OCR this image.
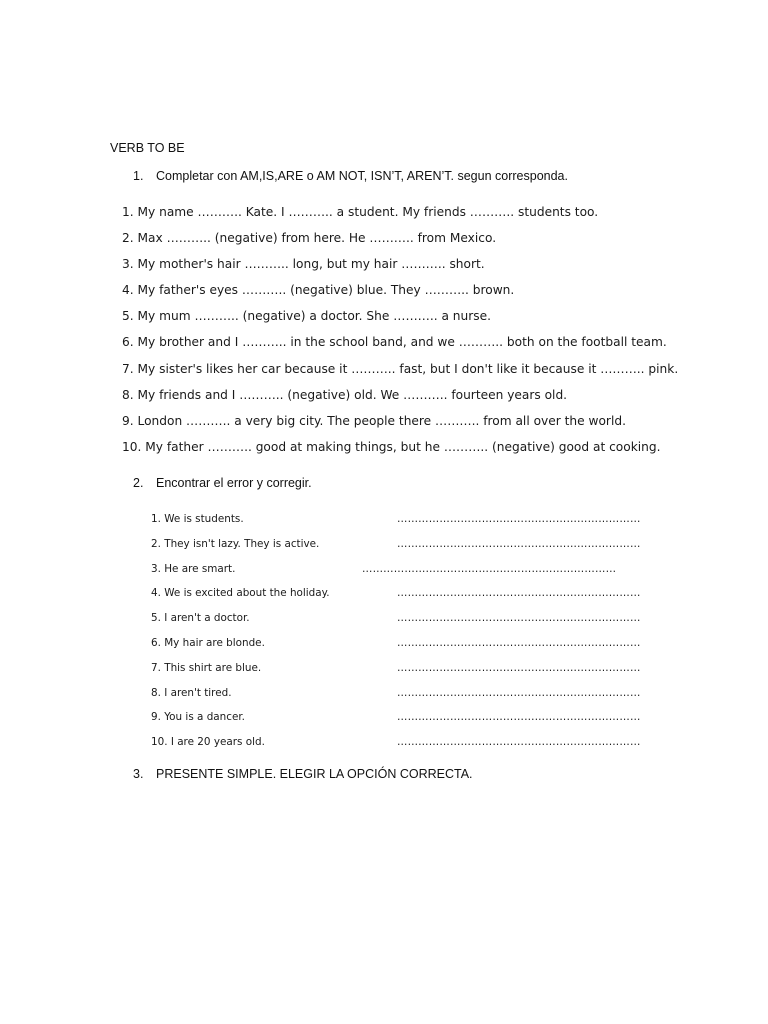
VERB TO BE
1. Completar con AM,IS,ARE o AM NOT, ISN’T, AREN’T. segun corresponda.
1. My name ……….. Kate. I ……….. a student. My friends ……….. students too.
2. Max ……….. (negative) from here. He ……….. from Mexico.
3. My mother's hair ……….. long, but my hair ……….. short.
4. My father's eyes ……….. (negative) blue. They ……….. brown.
5. My mum ……….. (negative) a doctor. She ……….. a nurse.
6. My brother and I ……….. in the school band, and we ……….. both on the football team.
7. My sister's likes her car because it ……….. fast, but I don't like it because it ……….. pink.
8. My friends and I ……….. (negative) old. We ……….. fourteen years old.
9. London ……….. a very big city. The people there ……….. from all over the world.
10. My father ……….. good at making things, but he ……….. (negative) good at cooking.
2. Encontrar el error y corregir.
1. We is students.	……………………………………………………………
2. They isn't lazy. They is active.	……………………………………………………………
3. He are smart.	………………………………………………………………
4. We is excited about the holiday.	……………………………………………………………
5. I aren't a doctor.	……………………………………………………………
6. My hair are blonde.	……………………………………………………………
7. This shirt are blue.	……………………………………………………………
8. I aren't tired.	……………………………………………………………
9. You is a dancer.	……………………………………………………………
10. I are 20 years old.	……………………………………………………………
3. PRESENTE SIMPLE. ELEGIR LA OPCIÓN CORRECTA.
